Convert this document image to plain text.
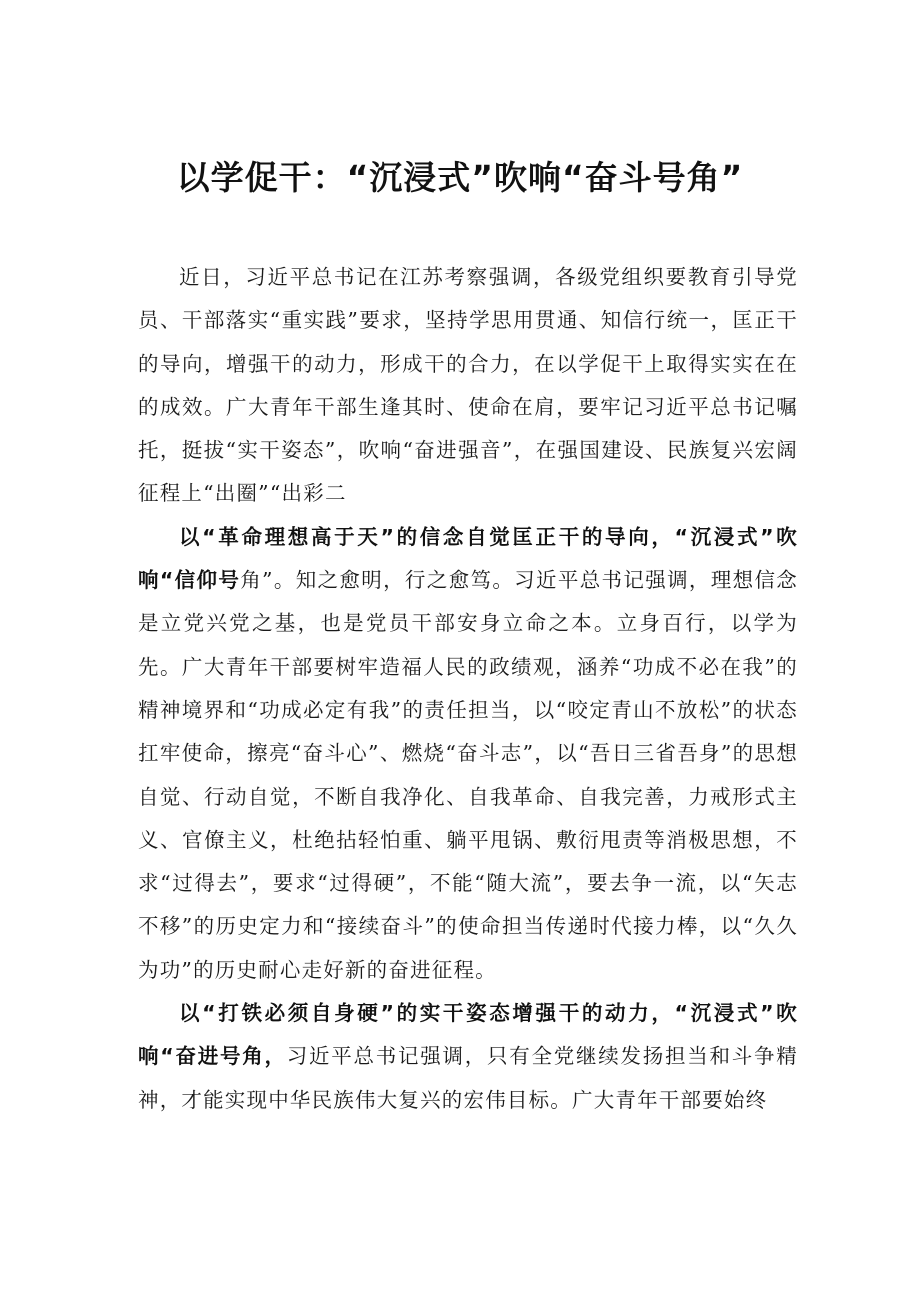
以学促干：“沉浸式”吹响“奋斗号角”

近日，习近平总书记在江苏考察强调，各级党组织要教育引导党员、干部落实“重实践”要求，坚持学思用贯通、知信行统一，匡正干的导向，增强干的动力，形成干的合力，在以学促干上取得实实在在的成效。广大青年干部生逢其时、使命在肩，要牢记习近平总书记嘱托，挺拔“实干姿态”，吹响“奋进强音”，在强国建设、民族复兴宏阔征程上“出圈”“出彩二

以“革命理想高于天”的信念自觉匡正干的导向，“沉浸式”吹响“信仰号角”。知之愈明，行之愈笃。习近平总书记强调，理想信念是立党兴党之基，也是党员干部安身立命之本。立身百行，以学为先。广大青年干部要树牢造福人民的政绩观，涵养“功成不必在我”的精神境界和“功成必定有我”的责任担当，以“咬定青山不放松”的状态扛牢使命，擦亮“奋斗心”、燃烧“奋斗志”，以“吾日三省吾身”的思想自觉、行动自觉，不断自我净化、自我革命、自我完善，力戒形式主义、官僚主义，杜绝拈轻怕重、躺平甩锅、敷衍甩责等消极思想，不求“过得去”，要求“过得硬”，不能“随大流”，要去争一流，以“矢志不移”的历史定力和“接续奋斗”的使命担当传递时代接力棒，以“久久为功”的历史耐心走好新的奋进征程。

以“打铁必须自身硬”的实干姿态增强干的动力，“沉浸式”吹响“奋进号角，习近平总书记强调，只有全党继续发扬担当和斗争精神，才能实现中华民族伟大复兴的宏伟目标。广大青年干部要始终
